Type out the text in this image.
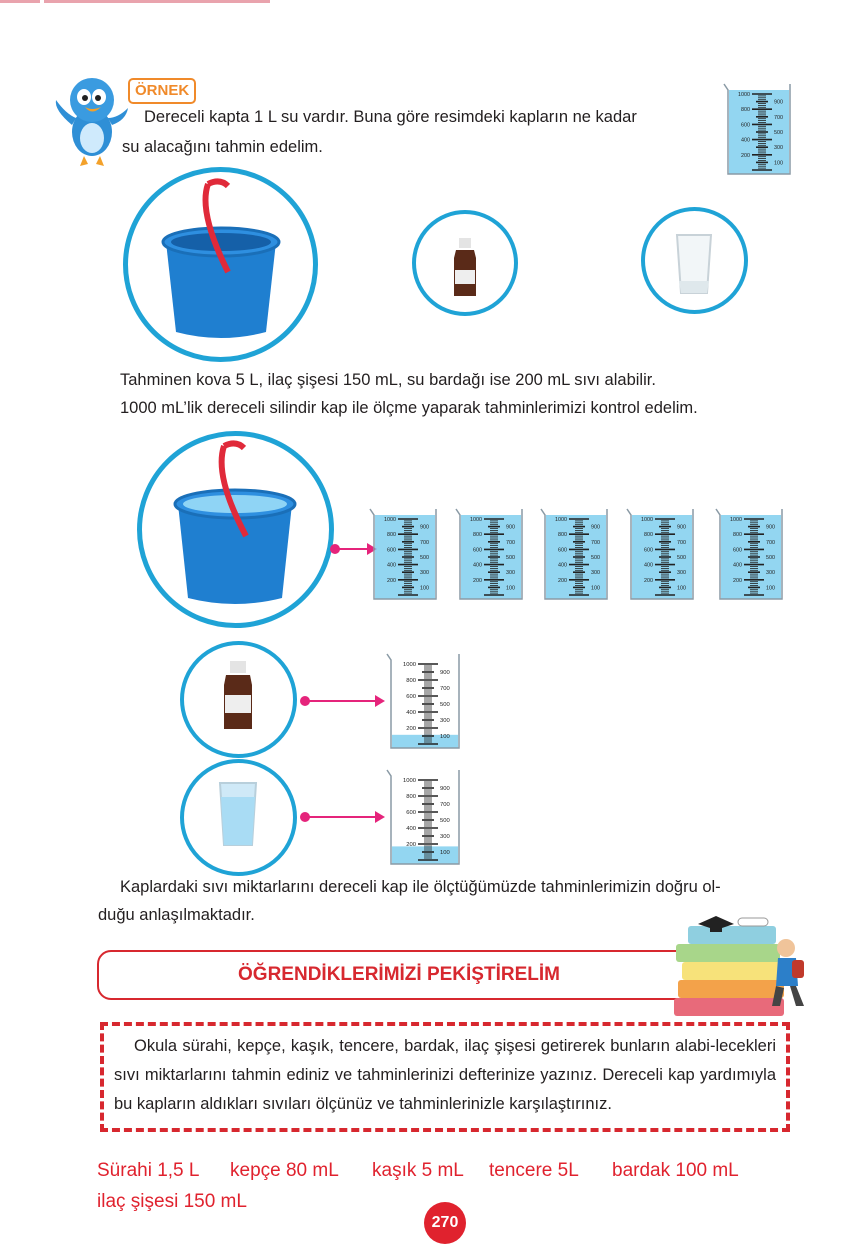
ÖRNEK
Dereceli kapta 1 L su vardır. Buna göre resimdeki kapların ne kadar
su alacağını tahmin edelim.
1000
800
600
400
200
900
700
500
300
100
Tahminen kova 5 L, ilaç şişesi 150 mL, su bardağı ise 200 mL sıvı alabilir.
1000 mL’lik dereceli silindir kap ile ölçme yaparak tahminlerimizi kontrol edelim.
1000
800
600
400
200
900
700
500
300
100
1000
800
600
400
200
900
700
500
300
100
1000
800
600
400
200
900
700
500
300
100
1000
800
600
400
200
900
700
500
300
100
1000
800
600
400
200
900
700
500
300
100
1000
800
600
400
200
900
700
500
300
100
1000
800
600
400
200
900
700
500
300
100
Kaplardaki sıvı miktarlarını dereceli kap ile ölçtüğümüzde tahminlerimizin doğru ol-
duğu anlaşılmaktadır.
ÖĞRENDİKLERİMİZİ PEKİŞTİRELİM
Okula sürahi, kepçe, kaşık, tencere, bardak, ilaç şişesi getirerek bunların alabi-lecekleri sıvı miktarlarını tahmin ediniz ve tahminlerinizi defterinize yazınız. Dereceli kap yardımıyla bu kapların aldıkları sıvıları ölçünüz ve tahminlerinizle karşılaştırınız.
Sürahi 1,5 L kepçe 80 mL kaşık 5 mL tencere 5L bardak 100 mL
ilaç şişesi 150 mL
270
